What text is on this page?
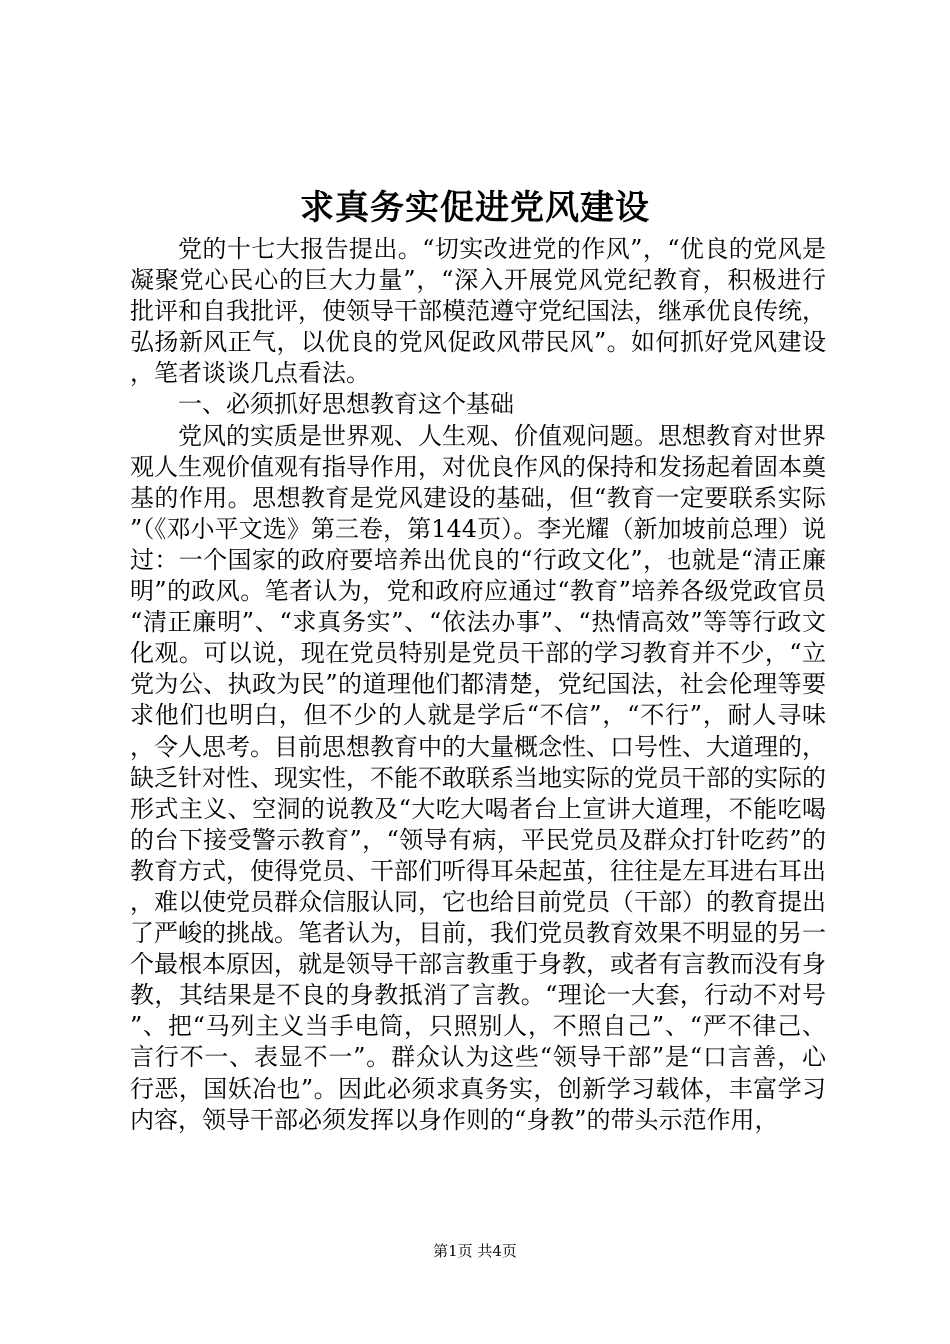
求真务实促进党风建设

党的十七大报告提出。“切实改进党的作风”，“优良的党风是凝聚党心民心的巨大力量”，“深入开展党风党纪教育，积极进行批评和自我批评，使领导干部模范遵守党纪国法，继承优良传统，弘扬新风正气，以优良的党风促政风带民风”。如何抓好党风建设，笔者谈谈几点看法。

一、必须抓好思想教育这个基础

党风的实质是世界观、人生观、价值观问题。思想教育对世界观人生观价值观有指导作用，对优良作风的保持和发扬起着固本奠基的作用。思想教育是党风建设的基础，但“教育一定要联系实际”（《邓小平文选》第三卷，第144页）。李光耀（新加坡前总理）说过：一个国家的政府要培养出优良的“行政文化”，也就是“清正廉明”的政风。笔者认为，党和政府应通过“教育”培养各级党政官员“清正廉明”、“求真务实”、“依法办事”、“热情高效”等等行政文化观。可以说，现在党员特别是党员干部的学习教育并不少，“立党为公、执政为民”的道理他们都清楚，党纪国法，社会伦理等要求他们也明白，但不少的人就是学后“不信”，“不行”，耐人寻味，令人思考。目前思想教育中的大量概念性、口号性、大道理的，缺乏针对性、现实性，不能不敢联系当地实际的党员干部的实际的形式主义、空洞的说教及“大吃大喝者台上宣讲大道理，不能吃喝的台下接受警示教育”，“领导有病，平民党员及群众打针吃药”的教育方式，使得党员、干部们听得耳朵起茧，往往是左耳进右耳出，难以使党员群众信服认同，它也给目前党员（干部）的教育提出了严峻的挑战。笔者认为，目前，我们党员教育效果不明显的另一个最根本原因，就是领导干部言教重于身教，或者有言教而没有身教，其结果是不良的身教抵消了言教。“理论一大套，行动不对号”、把“马列主义当手电筒，只照别人，不照自己”、“严不律己、言行不一、表显不一”。群众认为这些“领导干部”是“口言善，心行恶，国妖冶也”。因此必须求真务实，创新学习载体，丰富学习内容，领导干部必须发挥以身作则的“身教”的带头示范作用，

第1页 共4页
